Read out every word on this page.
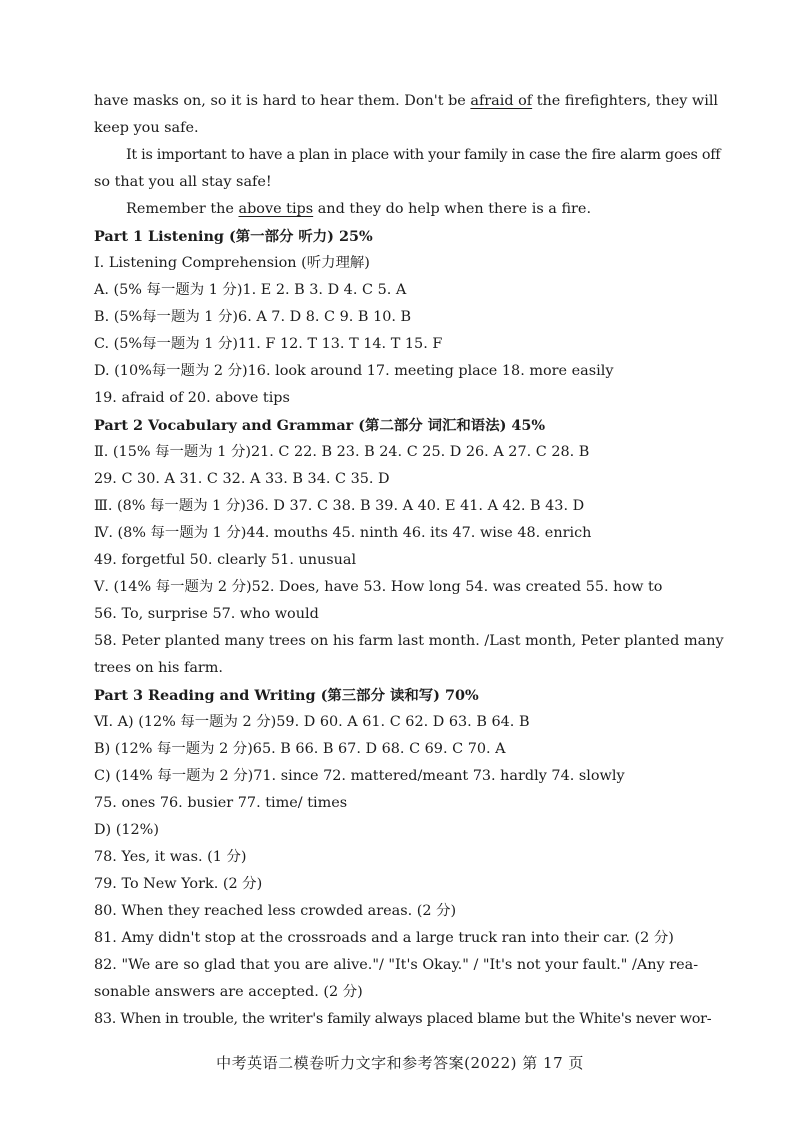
have masks on, so it is hard to hear them. Don't be afraid of the firefighters, they will
keep you safe.
It is important to have a plan in place with your family in case the fire alarm goes off
so that you all stay safe!
Remember the above tips and they do help when there is a fire.
Part 1 Listening (第一部分 听力) 25%
Ⅰ. Listening Comprehension (听力理解)
A. (5% 每一题为 1 分)1. E 2. B 3. D 4. C 5. A
B. (5%每一题为 1 分)6. A 7. D 8. C 9. B 10. B
C. (5%每一题为 1 分)11. F 12. T 13. T 14. T 15. F
D. (10%每一题为 2 分)16. look around 17. meeting place 18. more easily
19. afraid of 20. above tips
Part 2 Vocabulary and Grammar (第二部分 词汇和语法) 45%
Ⅱ. (15% 每一题为 1 分)21. C 22. B 23. B 24. C 25. D 26. A 27. C 28. B
29. C 30. A 31. C 32. A 33. B 34. C 35. D
Ⅲ. (8% 每一题为 1 分)36. D 37. C 38. B 39. A 40. E 41. A 42. B 43. D
Ⅳ. (8% 每一题为 1 分)44. mouths 45. ninth 46. its 47. wise 48. enrich
49. forgetful 50. clearly 51. unusual
Ⅴ. (14% 每一题为 2 分)52. Does, have 53. How long 54. was created 55. how to
56. To, surprise 57. who would
58. Peter planted many trees on his farm last month. /Last month, Peter planted many
trees on his farm.
Part 3 Reading and Writing (第三部分 读和写) 70%
Ⅵ. A) (12% 每一题为 2 分)59. D 60. A 61. C 62. D 63. B 64. B
B) (12% 每一题为 2 分)65. B 66. B 67. D 68. C 69. C 70. A
C) (14% 每一题为 2 分)71. since 72. mattered/meant 73. hardly 74. slowly
75. ones 76. busier 77. time/ times
D) (12%)
78. Yes, it was. (1 分)
79. To New York. (2 分)
80. When they reached less crowded areas. (2 分)
81. Amy didn't stop at the crossroads and a large truck ran into their car. (2 分)
82. "We are so glad that you are alive."/ "It's Okay." / "It's not your fault." /Any rea-
sonable answers are accepted. (2 分)
83. When in trouble, the writer's family always placed blame but the White's never wor-
中考英语二模卷听力文字和参考答案(2022) 第 17 页
